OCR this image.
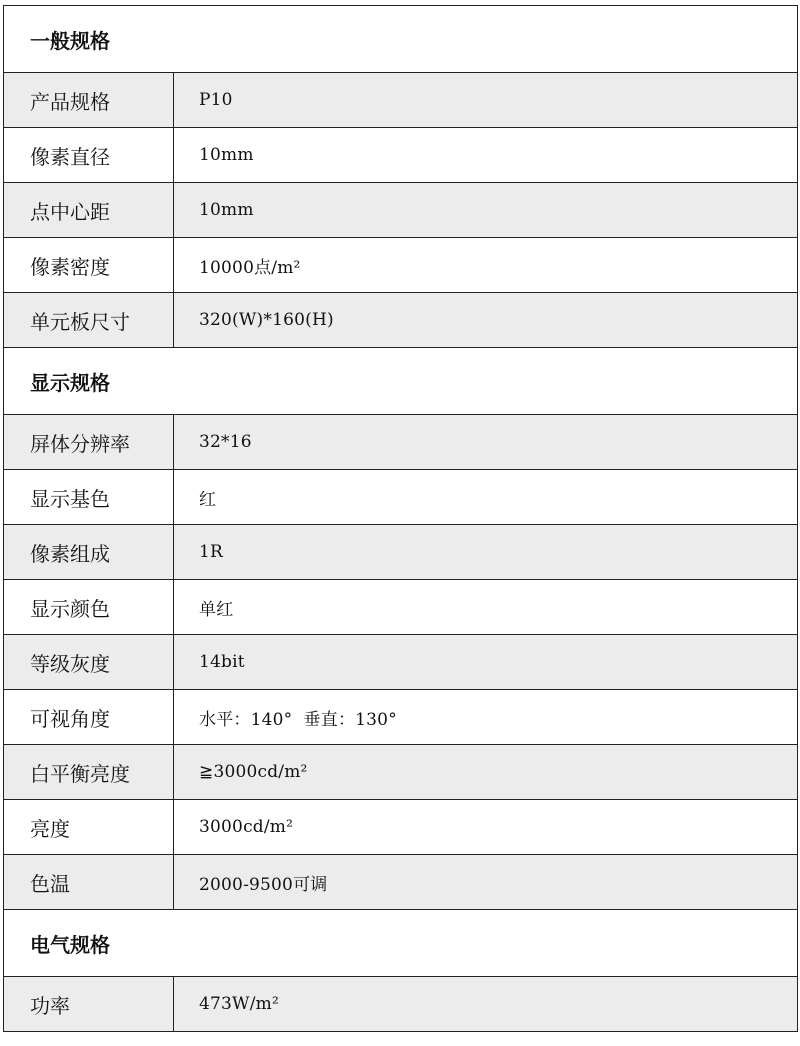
一般规格	
产品规格	P10
像素直径	10mm
点中心距	10mm
像素密度	10000点/m²
单元板尺寸	320(W)*160(H)
显示规格	
屏体分辨率	32*16
显示基色	红
像素组成	1R
显示颜色	单红
等级灰度	14bit
可视角度	水平：140°  垂直：130°
白平衡亮度	≧3000cd/m²
亮度	3000cd/m²
色温	2000-9500可调
电气规格	
功率	473W/m²
